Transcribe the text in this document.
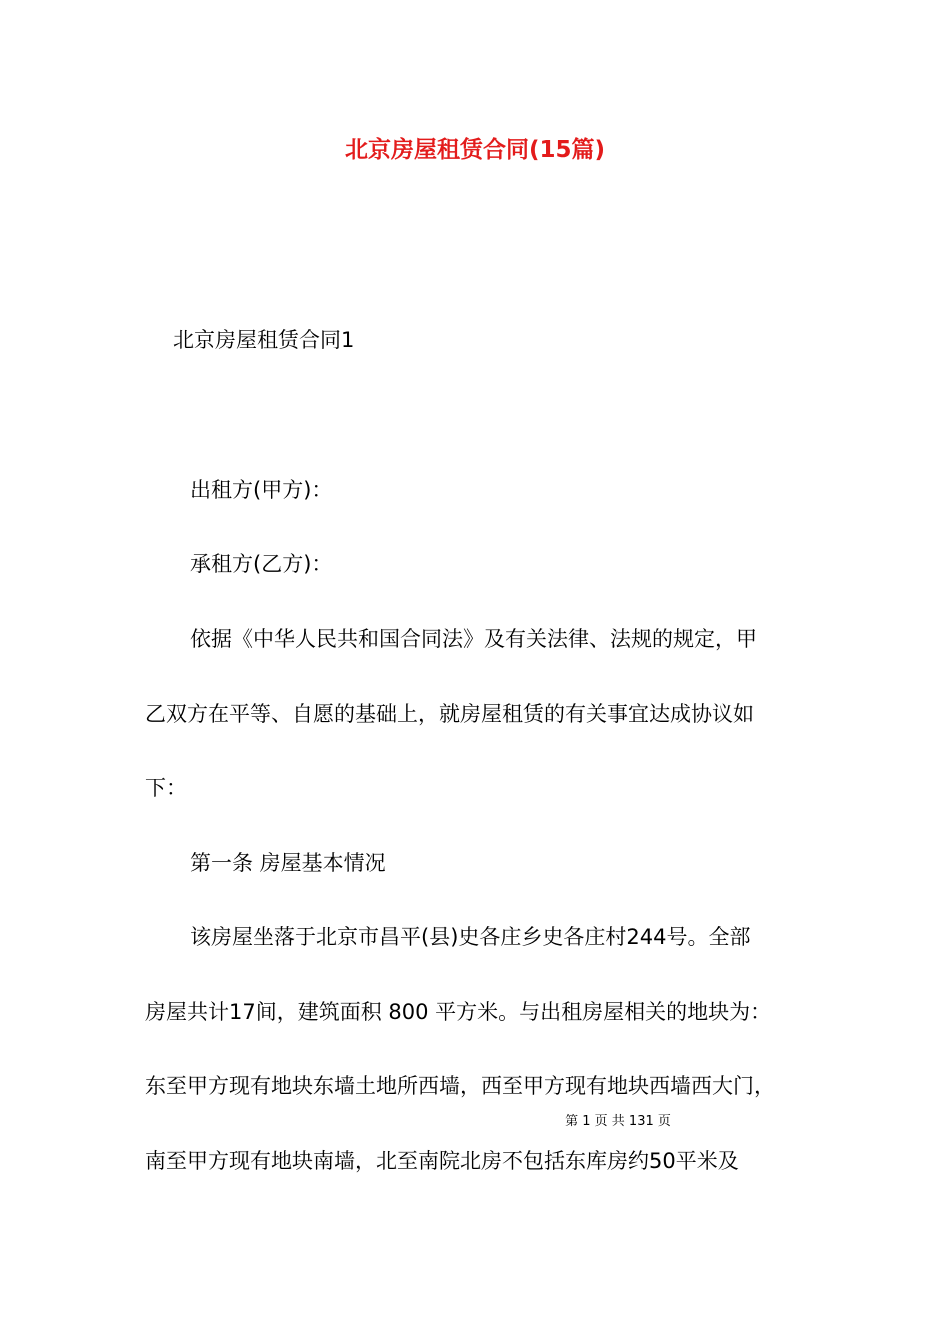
北京房屋租赁合同(15篇)
北京房屋租赁合同1
出租方(甲方)：
承租方(乙方)：
依据《中华人民共和国合同法》及有关法律、法规的规定，甲
乙双方在平等、自愿的基础上，就房屋租赁的有关事宜达成协议如
下：
第一条 房屋基本情况
该房屋坐落于北京市昌平(县)史各庄乡史各庄村244号。全部
房屋共计17间，建筑面积 800 平方米。与出租房屋相关的地块为：
东至甲方现有地块东墙土地所西墙，西至甲方现有地块西墙西大门，
第 1 页 共 131 页
南至甲方现有地块南墙，北至南院北房不包括东库房约50平米及
